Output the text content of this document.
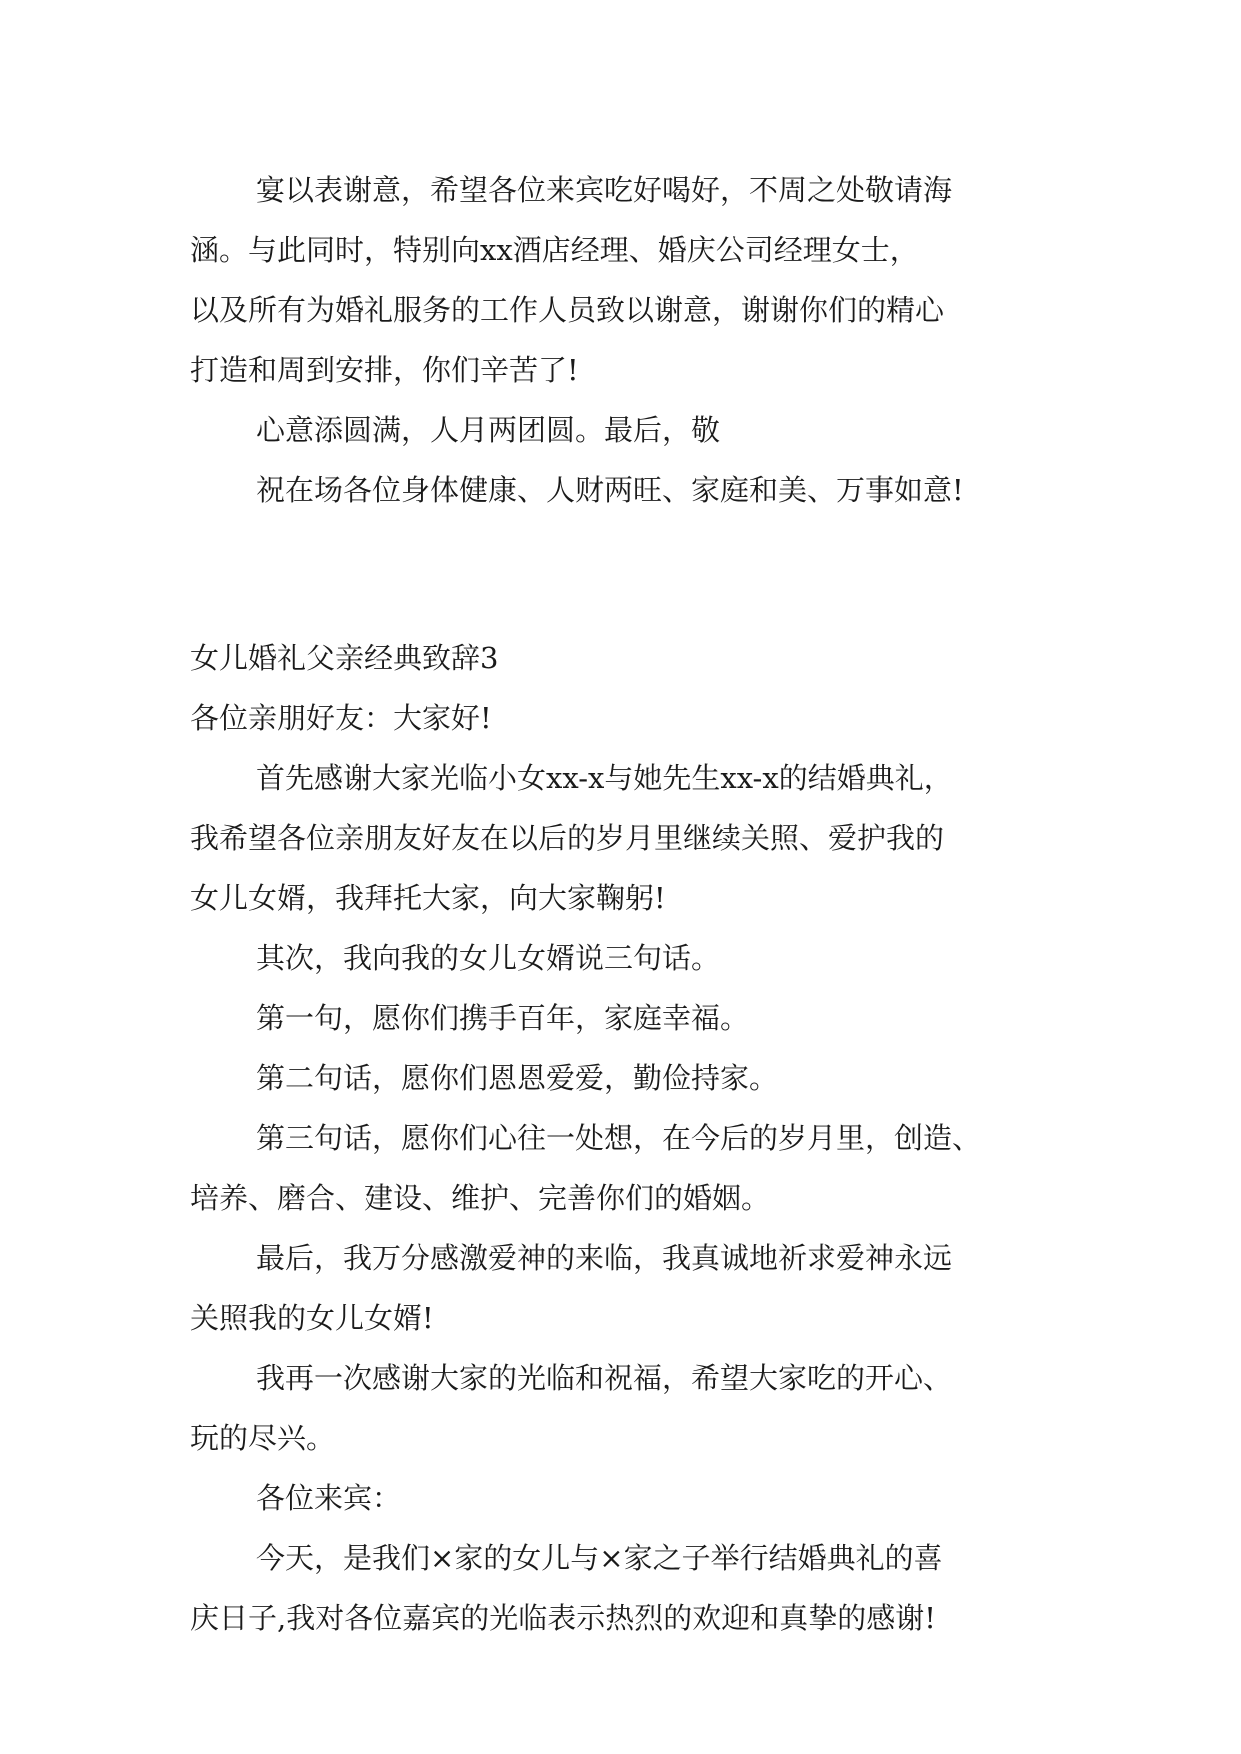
宴以表谢意，希望各位来宾吃好喝好，不周之处敬请海
涵。与此同时，特别向xx酒店经理、婚庆公司经理女士，
以及所有为婚礼服务的工作人员致以谢意，谢谢你们的精心
打造和周到安排，你们辛苦了!
心意添圆满，人月两团圆。最后，敬
祝在场各位身体健康、人财两旺、家庭和美、万事如意!
女儿婚礼父亲经典致辞3
各位亲朋好友：大家好!
首先感谢大家光临小女xx-x与她先生xx-x的结婚典礼，
我希望各位亲朋友好友在以后的岁月里继续关照、爱护我的
女儿女婿，我拜托大家，向大家鞠躬!
其次，我向我的女儿女婿说三句话。
第一句，愿你们携手百年，家庭幸福。
第二句话，愿你们恩恩爱爱，勤俭持家。
第三句话，愿你们心往一处想，在今后的岁月里，创造、
培养、磨合、建设、维护、完善你们的婚姻。
最后，我万分感激爱神的来临，我真诚地祈求爱神永远
关照我的女儿女婿!
我再一次感谢大家的光临和祝福，希望大家吃的开心、
玩的尽兴。
各位来宾：
今天，是我们×家的女儿与×家之子举行结婚典礼的喜
庆日子,我对各位嘉宾的光临表示热烈的欢迎和真挚的感谢!
